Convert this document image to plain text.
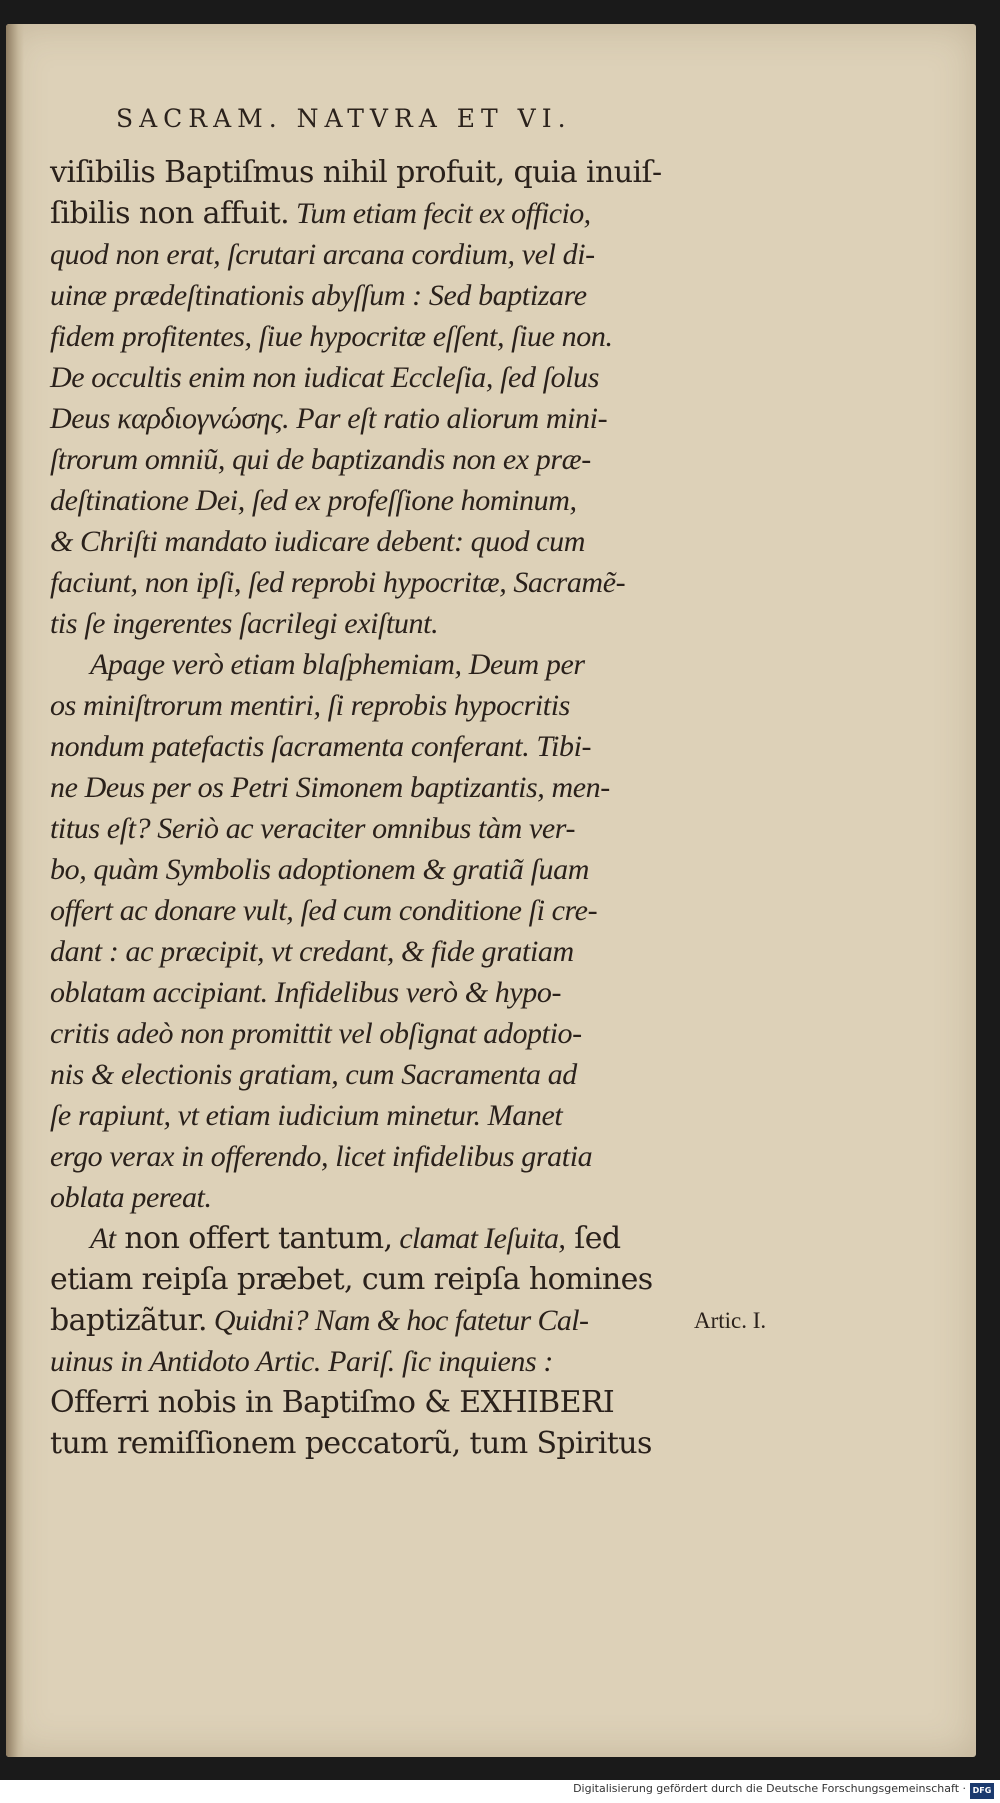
SACRAM. NATVRA ET VI.
viſibilis Baptiſmus nihil profuit, quia inuiſ-
ſibilis non affuit. Tum etiam fecit ex officio,
quod non erat, ſcrutari arcana cordium, vel di-
uinæ prædeſtinationis abyſſum : Sed baptizare
fidem profitentes, ſiue hypocritæ eſſent, ſiue non.
De occultis enim non iudicat Eccleſia, ſed ſolus
Deus καρδιογνώσης. Par eſt ratio aliorum mini-
ſtrorum omniũ, qui de baptizandis non ex præ-
deſtinatione Dei, ſed ex profeſſione hominum,
& Chriſti mandato iudicare debent: quod cum
faciunt, non ipſi, ſed reprobi hypocritæ, Sacramẽ-
tis ſe ingerentes ſacrilegi exiſtunt.
Apage verò etiam blaſphemiam, Deum per
os miniſtrorum mentiri, ſi reprobis hypocritis
nondum patefactis ſacramenta conferant. Tibi-
ne Deus per os Petri Simonem baptizantis, men-
titus eſt? Seriò ac veraciter omnibus tàm ver-
bo, quàm Symbolis adoptionem & gratiã ſuam
offert ac donare vult, ſed cum conditione ſi cre-
dant : ac præcipit, vt credant, & fide gratiam
oblatam accipiant. Infidelibus verò & hypo-
critis adeò non promittit vel obſignat adoptio-
nis & electionis gratiam, cum Sacramenta ad
ſe rapiunt, vt etiam iudicium minetur. Manet
ergo verax in offerendo, licet infidelibus gratia
oblata pereat.
At non offert tantum, clamat Ieſuita, ſed
etiam reipſa præbet, cum reipſa homines
baptizãtur. Quidni? Nam & hoc fatetur Cal-
uinus in Antidoto Artic. Pariſ. ſic inquiens :
Offerri nobis in Baptiſmo & EXHIBERI
tum remiſſionem peccatorũ, tum Spiritus
Artic. I.
Digitalisierung gefördert durch die Deutsche Forschungsgemeinschaft · DFG
